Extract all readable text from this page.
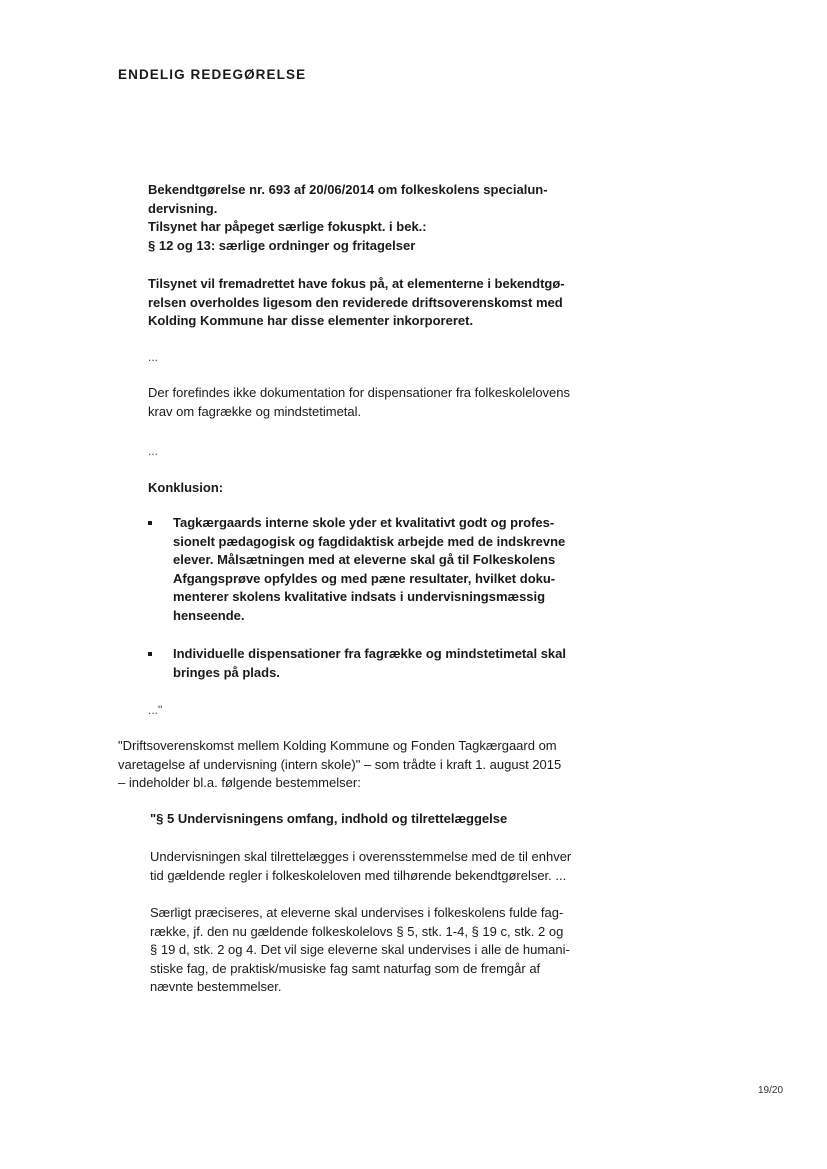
ENDELIG REDEGØRELSE

Bekendtgørelse nr. 693 af 20/06/2014 om folkeskolens specialun-

dervisning.

Tilsynet har påpeget særlige fokuspkt. i bek.:

§ 12 og 13: særlige ordninger og fritagelser

Tilsynet vil fremadrettet have fokus på, at elementerne i bekendtgø-

relsen overholdes ligesom den reviderede driftsoverenskomst med

Kolding Kommune har disse elementer inkorporeret.

...

Der forefindes ikke dokumentation for dispensationer fra folkeskolelovens

krav om fagrække og mindstetimetal.

...

Konklusion:

Tagkærgaards interne skole yder et kvalitativt godt og profes-

sionelt pædagogisk og fagdidaktisk arbejde med de indskrevne

elever. Målsætningen med at eleverne skal gå til Folkeskolens

Afgangsprøve opfyldes og med pæne resultater, hvilket doku-

menterer skolens kvalitative indsats i undervisningsmæssig

henseende.

Individuelle dispensationer fra fagrække og mindstetimetal skal

bringes på plads.

..."

"Driftsoverenskomst mellem Kolding Kommune og Fonden Tagkærgaard om

varetagelse af undervisning (intern skole)" – som trådte i kraft 1. august 2015

– indeholder bl.a. følgende bestemmelser:

"§ 5 Undervisningens omfang, indhold og tilrettelæggelse

Undervisningen skal tilrettelægges i overensstemmelse med de til enhver

tid gældende regler i folkeskoleloven med tilhørende bekendtgørelser. ...

Særligt præciseres, at eleverne skal undervises i folkeskolens fulde fag-

række, jf. den nu gældende folkeskolelovs § 5, stk. 1-4, § 19 c, stk. 2 og

§ 19 d, stk. 2 og 4. Det vil sige eleverne skal undervises i alle de humani-

stiske fag, de praktisk/musiske fag samt naturfag som de fremgår af

nævnte bestemmelser.

19/20
